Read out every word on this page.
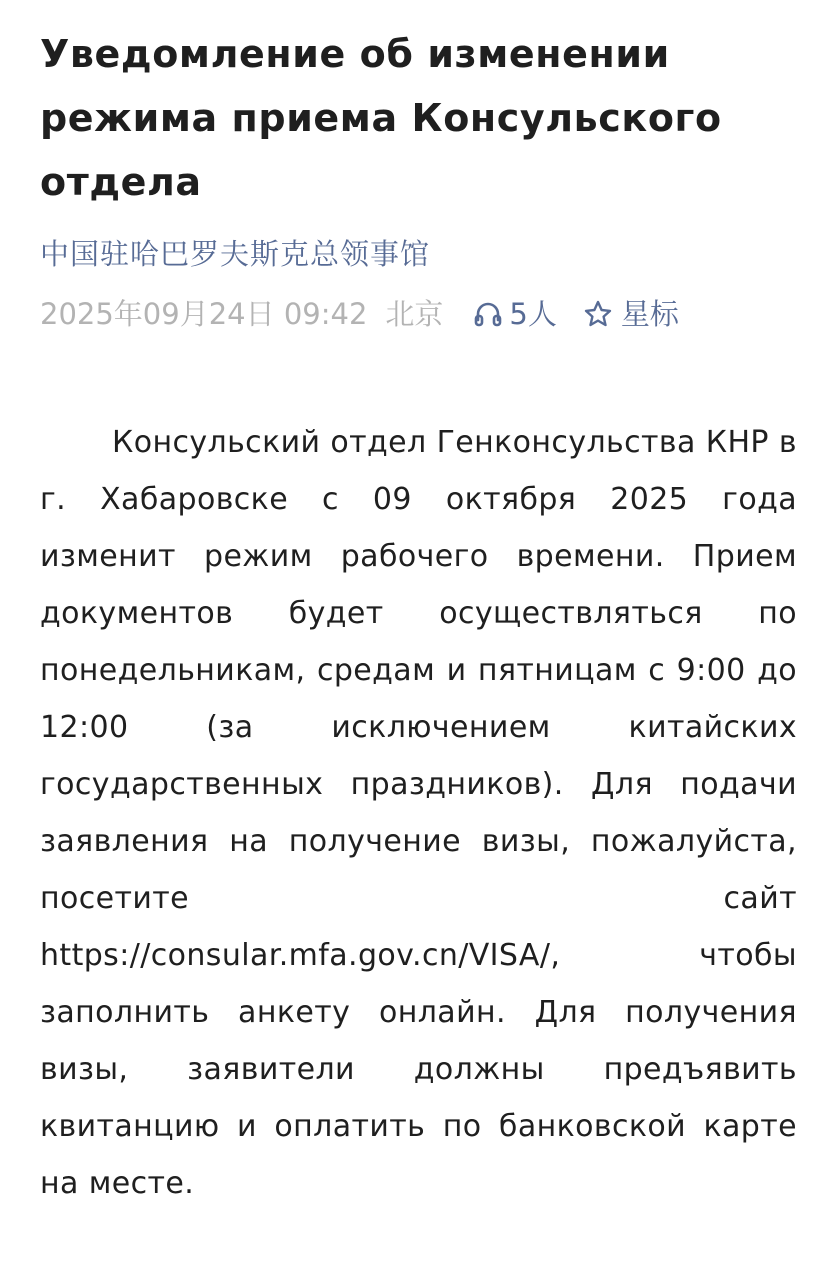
Уведомление об изменении режима приема Консульского отдела
中国驻哈巴罗夫斯克总领事馆
2025年09月24日 09:42 北京 5人 星标

Консульский отдел Генконсульства КНР в г. Хабаровске с 09 октября 2025 года изменит режим рабочего времени. Прием документов будет осуществляться по понедельникам, средам и пятницам с 9:00 до 12:00 (за исключением китайских государственных праздников). Для подачи заявления на получение визы, пожалуйста, посетите сайт https://consular.mfa.gov.cn/VISA/, чтобы заполнить анкету онлайн. Для получения визы, заявители должны предъявить квитанцию и оплатить по банковской карте на месте.
